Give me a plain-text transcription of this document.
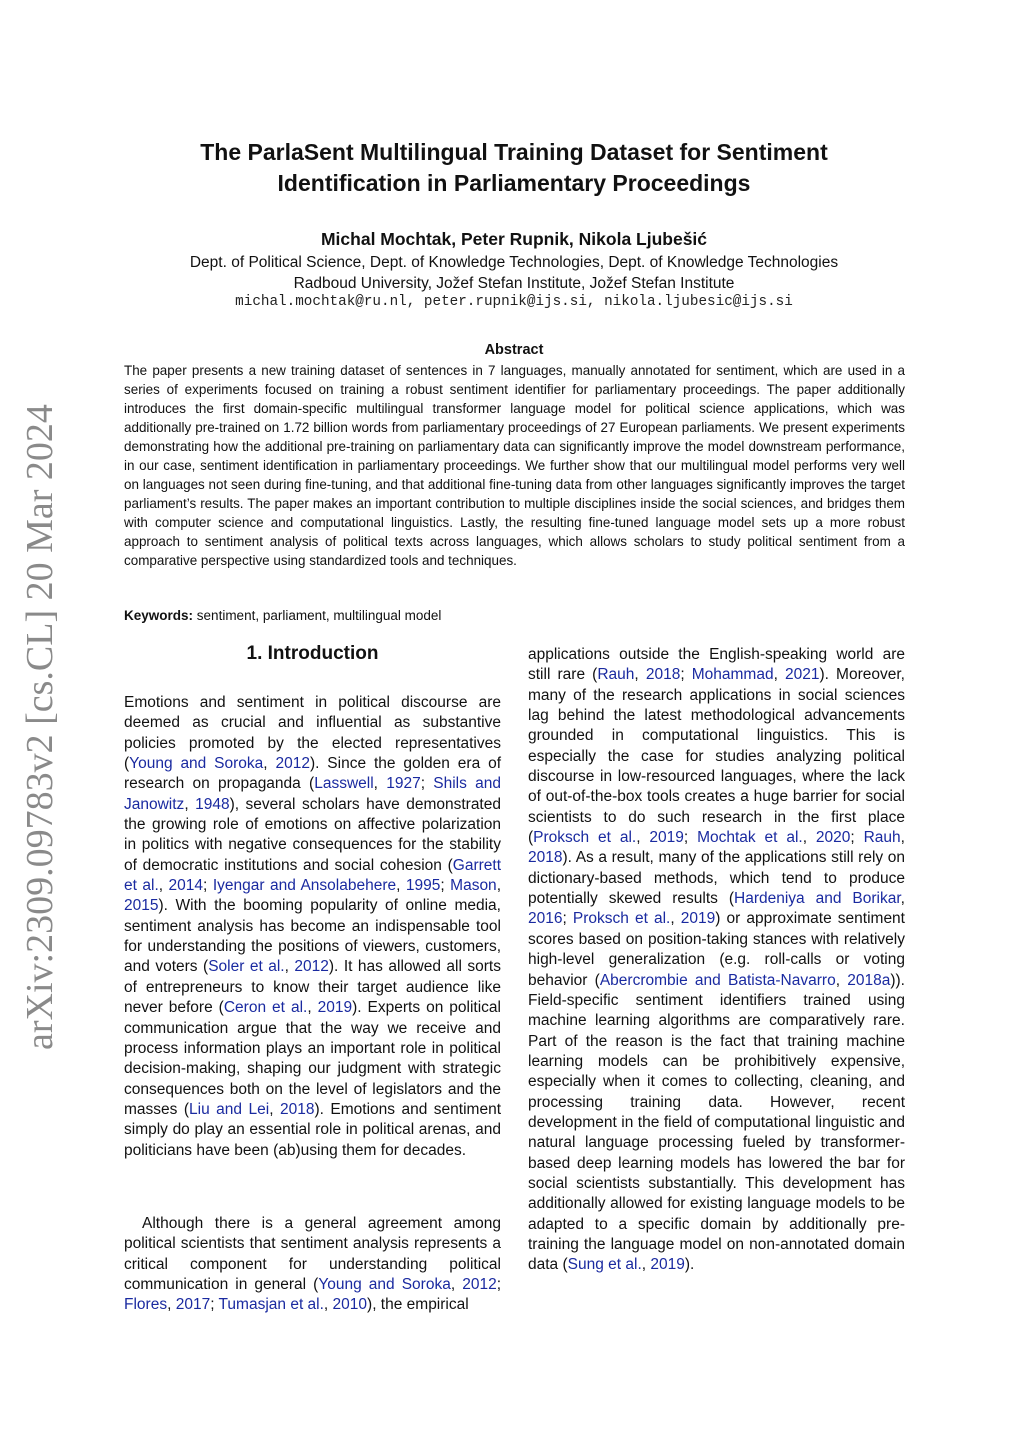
arXiv:2309.09783v2 [cs.CL] 20 Mar 2024
The ParlaSent Multilingual Training Dataset for Sentiment
Identification in Parliamentary Proceedings
Michal Mochtak, Peter Rupnik, Nikola Ljubešić
Dept. of Political Science, Dept. of Knowledge Technologies, Dept. of Knowledge Technologies
Radboud University, Jožef Stefan Institute, Jožef Stefan Institute
michal.mochtak@ru.nl, peter.rupnik@ijs.si, nikola.ljubesic@ijs.si
Abstract

The paper presents a new training dataset of sentences in 7 languages, manually annotated for sentiment, which are used in a series of experiments focused on training a robust sentiment identifier for parliamentary proceedings. The paper additionally introduces the first domain-specific multilingual transformer language model for political science applications, which was additionally pre-trained on 1.72 billion words from parliamentary proceedings of 27 European parliaments. We present experiments demonstrating how the additional pre-training on parliamentary data can significantly improve the model downstream performance, in our case, sentiment identification in parliamentary proceedings. We further show that our multilingual model performs very well on languages not seen during fine-tuning, and that additional fine-tuning data from other languages significantly improves the target parliament’s results. The paper makes an important contribution to multiple disciplines inside the social sciences, and bridges them with computer science and computational linguistics. Lastly, the resulting fine-tuned language model sets up a more robust approach to sentiment analysis of political texts across languages, which allows scholars to study political sentiment from a comparative perspective using standardized tools and techniques.

Keywords: sentiment, parliament, multilingual model
1. Introduction

Emotions and sentiment in political discourse are deemed as crucial and influential as substantive policies promoted by the elected representatives (Young and Soroka, 2012). Since the golden era of research on propaganda (Lasswell, 1927; Shils and Janowitz, 1948), several scholars have demonstrated the growing role of emotions on affective polarization in politics with negative consequences for the stability of democratic institutions and social cohesion (Garrett et al., 2014; Iyengar and Ansolabehere, 1995; Mason, 2015). With the booming popularity of online media, sentiment analysis has become an indispensable tool for understanding the positions of viewers, customers, and voters (Soler et al., 2012). It has allowed all sorts of entrepreneurs to know their target audience like never before (Ceron et al., 2019). Experts on political communication argue that the way we receive and process information plays an important role in political decision-making, shaping our judgment with strategic consequences both on the level of legislators and the masses (Liu and Lei, 2018). Emotions and sentiment simply do play an essential role in political arenas, and politicians have been (ab)using them for decades.

Although there is a general agreement among political scientists that sentiment analysis represents a critical component for understanding political communication in general (Young and Soroka, 2012; Flores, 2017; Tumasjan et al., 2010), the empirical

applications outside the English-speaking world are still rare (Rauh, 2018; Mohammad, 2021). Moreover, many of the research applications in social sciences lag behind the latest methodological advancements grounded in computational linguistics. This is especially the case for studies analyzing political discourse in low-resourced languages, where the lack of out-of-the-box tools creates a huge barrier for social scientists to do such research in the first place (Proksch et al., 2019; Mochtak et al., 2020; Rauh, 2018). As a result, many of the applications still rely on dictionary-based methods, which tend to produce potentially skewed results (Hardeniya and Borikar, 2016; Proksch et al., 2019) or approximate sentiment scores based on position-taking stances with relatively high-level generalization (e.g. roll-calls or voting behavior (Abercrombie and Batista-Navarro, 2018a)). Field-specific sentiment identifiers trained using machine learning algorithms are comparatively rare. Part of the reason is the fact that training machine learning models can be prohibitively expensive, especially when it comes to collecting, cleaning, and processing training data. However, recent development in the field of computational linguistic and natural language processing fueled by transformer-based deep learning models has lowered the bar for social scientists substantially. This development has additionally allowed for existing language models to be adapted to a specific domain by additionally pre-training the language model on non-annotated domain data (Sung et al., 2019).
